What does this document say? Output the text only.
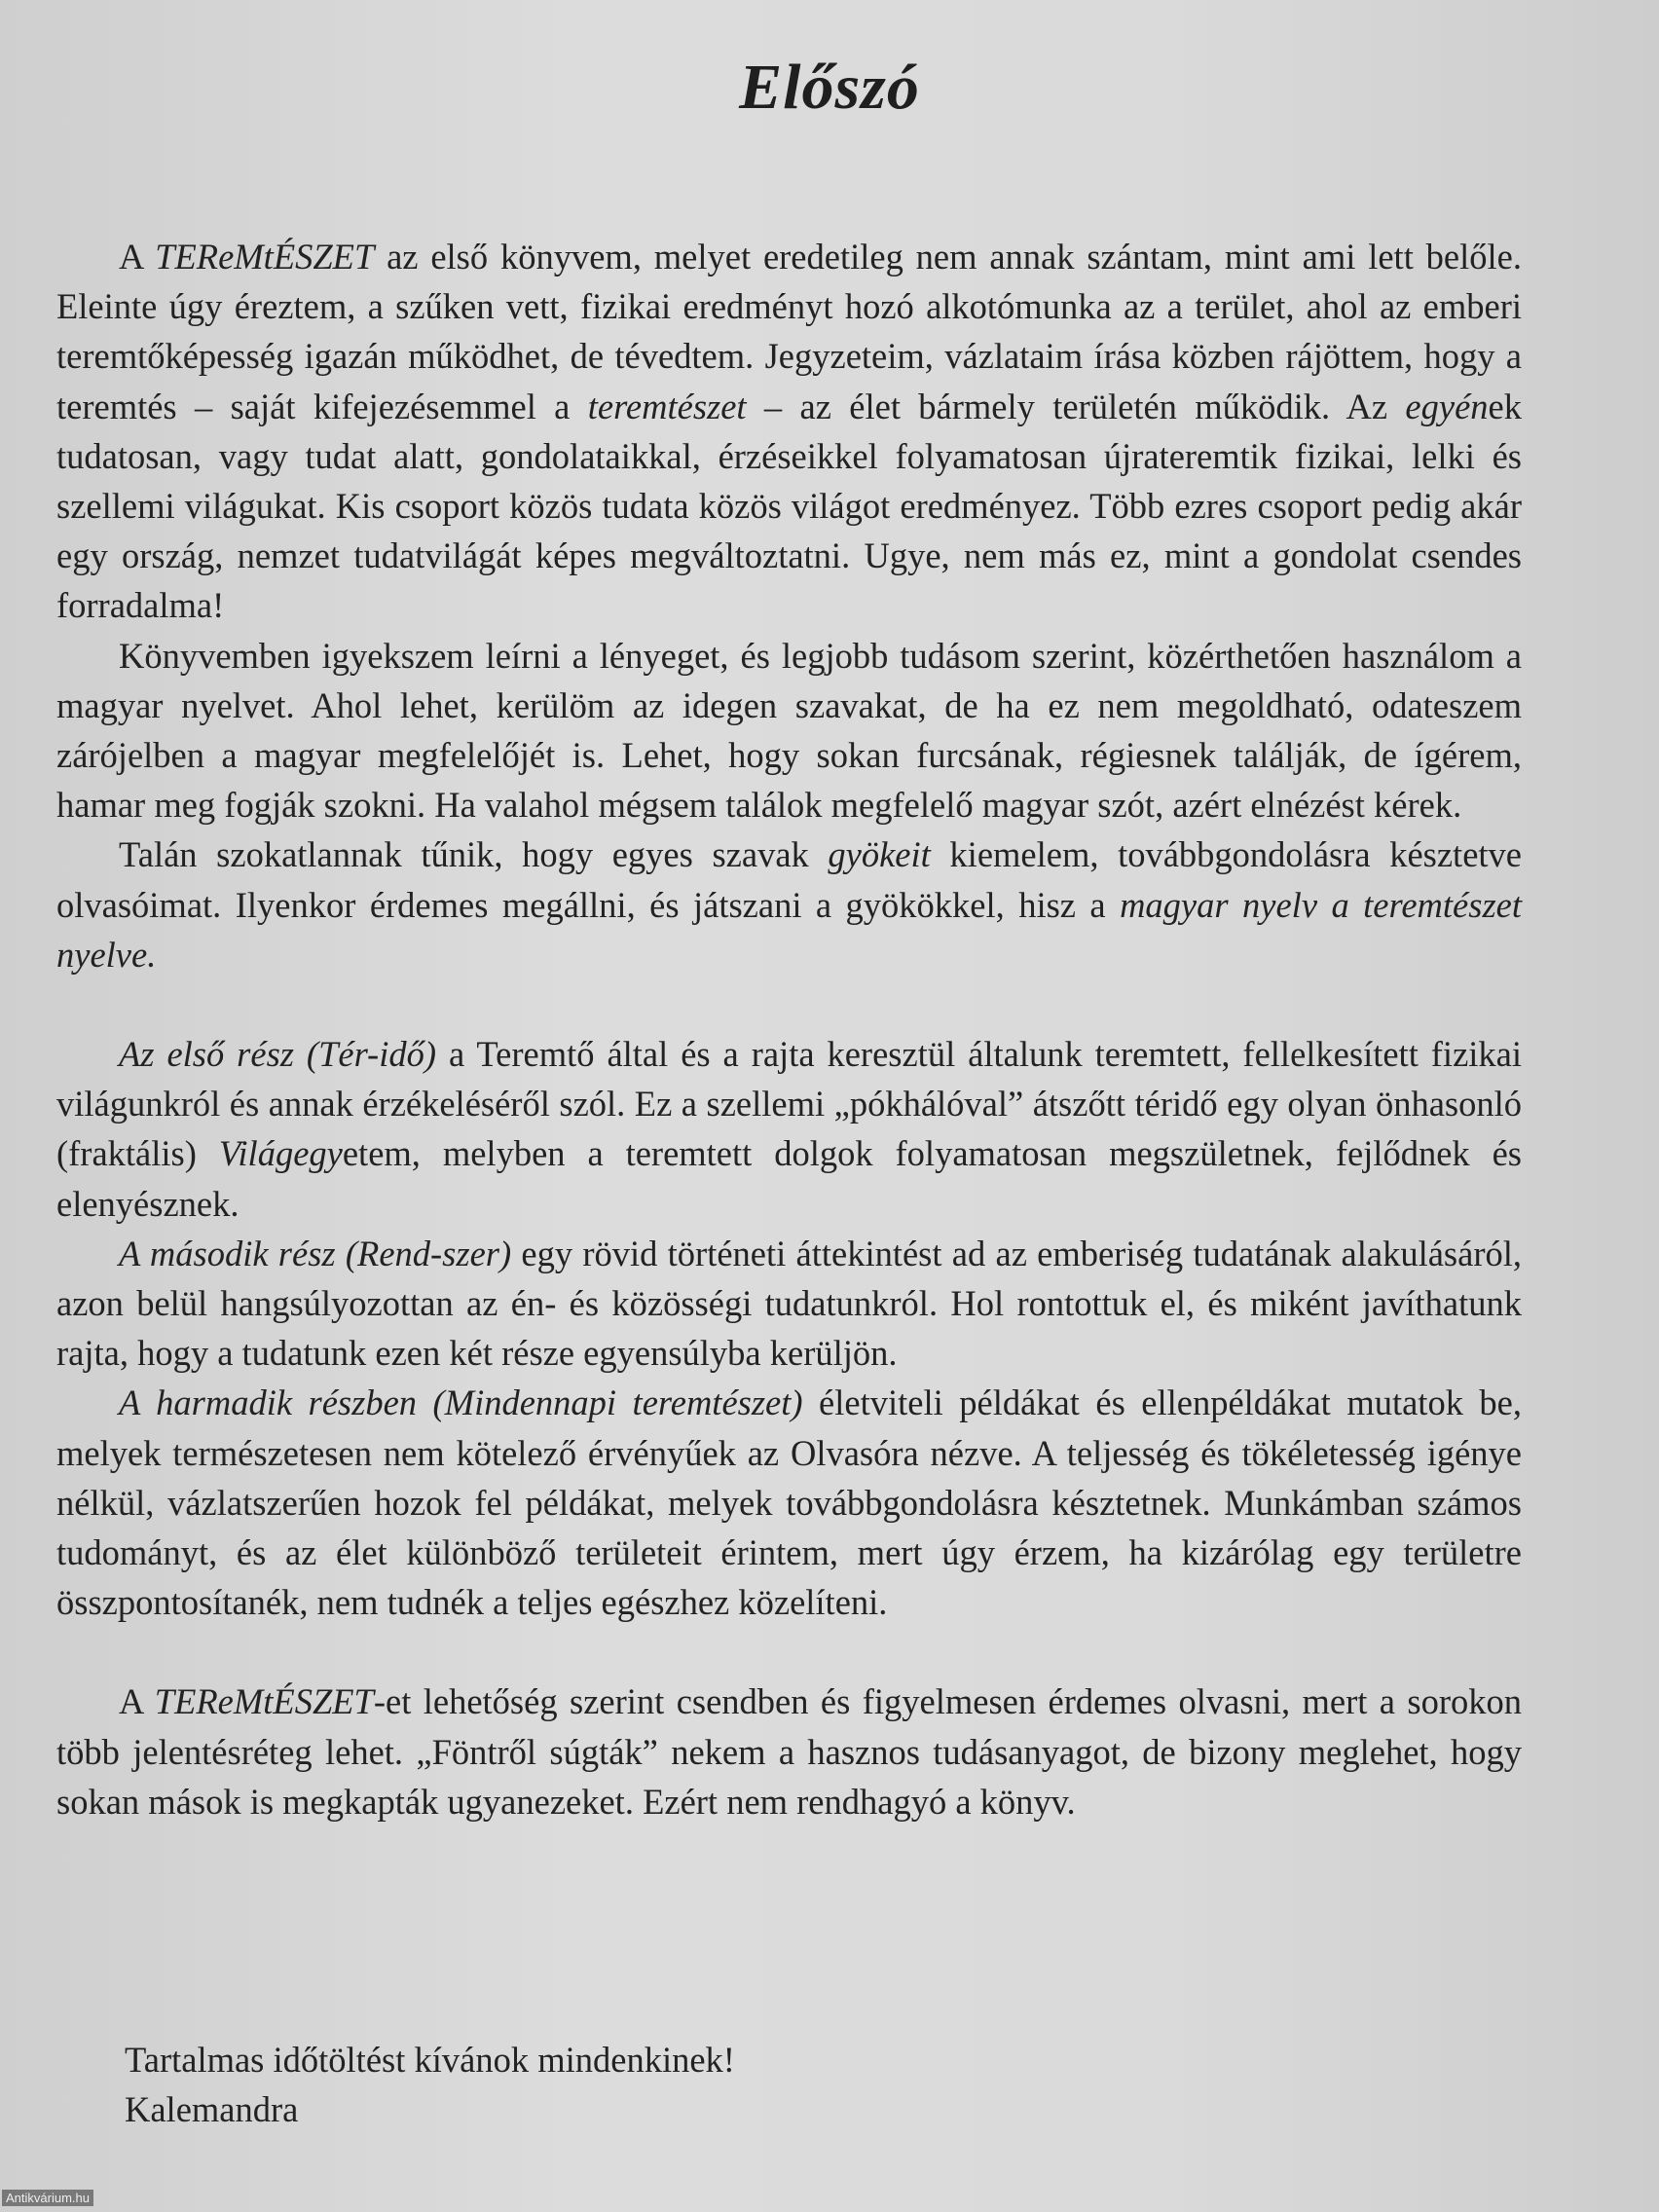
Előszó

A TEReMtÉSZET az első könyvem, melyet eredetileg nem annak szántam, mint ami lett belőle. Eleinte úgy éreztem, a szűken vett, fizikai eredményt hozó alkotómunka az a terület, ahol az emberi teremtőképesség igazán működhet, de tévedtem. Jegyzeteim, vázlataim írása közben rájöttem, hogy a teremtés – saját kifejezésemmel a teremtészet – az élet bármely területén működik. Az egyének tudatosan, vagy tudat alatt, gondolataikkal, érzéseikkel folyamatosan újrateremtik fizikai, lelki és szellemi világukat. Kis csoport közös tudata közös világot eredményez. Több ezres csoport pedig akár egy ország, nemzet tudatvilágát képes megváltoztatni. Ugye, nem más ez, mint a gondolat csendes forradalma!

Könyvemben igyekszem leírni a lényeget, és legjobb tudásom szerint, közérthetően használom a magyar nyelvet. Ahol lehet, kerülöm az idegen szavakat, de ha ez nem megoldható, odateszem zárójelben a magyar megfelelőjét is. Lehet, hogy sokan furcsának, régiesnek találják, de ígérem, hamar meg fogják szokni. Ha valahol mégsem találok megfelelő magyar szót, azért elnézést kérek.

Talán szokatlannak tűnik, hogy egyes szavak gyökeit kiemelem, továbbgondolásra késztetve olvasóimat. Ilyenkor érdemes megállni, és játszani a gyökökkel, hisz a magyar nyelv a teremtészet nyelve.

Az első rész (Tér-idő) a Teremtő által és a rajta keresztül általunk teremtett, fellelkesített fizikai világunkról és annak érzékeléséről szól. Ez a szellemi „pókhálóval” átszőtt téridő egy olyan önhasonló (fraktális) Világegyetem, melyben a teremtett dolgok folyamatosan megszületnek, fejlődnek és elenyésznek.

A második rész (Rend-szer) egy rövid történeti áttekintést ad az emberiség tudatának alakulásáról, azon belül hangsúlyozottan az én- és közösségi tudatunkról. Hol rontottuk el, és miként javíthatunk rajta, hogy a tudatunk ezen két része egyensúlyba kerüljön.

A harmadik részben (Mindennapi teremtészet) életviteli példákat és ellenpéldákat mutatok be, melyek természetesen nem kötelező érvényűek az Olvasóra nézve. A teljesség és tökéletesség igénye nélkül, vázlatszerűen hozok fel példákat, melyek továbbgondolásra késztetnek. Munkámban számos tudományt, és az élet különböző területeit érintem, mert úgy érzem, ha kizárólag egy területre összpontosítanék, nem tudnék a teljes egészhez közelíteni.

A TEReMtÉSZET-et lehetőség szerint csendben és figyelmesen érdemes olvasni, mert a sorokon több jelentésréteg lehet. „Föntről súgták” nekem a hasznos tudásanyagot, de bizony meglehet, hogy sokan mások is megkapták ugyanezeket. Ezért nem rendhagyó a könyv.

Tartalmas időtöltést kívánok mindenkinek!
Kalemandra
Antikvárium.hu
